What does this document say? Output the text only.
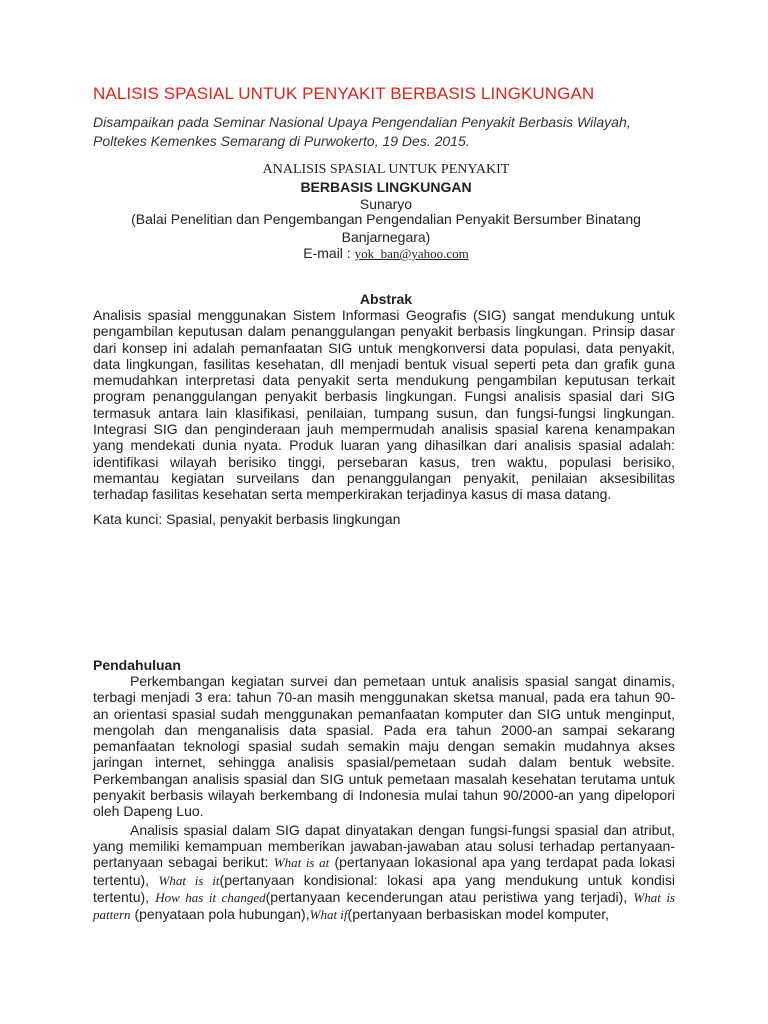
NALISIS SPASIAL UNTUK PENYAKIT BERBASIS LINGKUNGAN
Disampaikan pada Seminar Nasional Upaya Pengendalian Penyakit Berbasis Wilayah,
Poltekes Kemenkes Semarang di Purwokerto, 19 Des. 2015.
ANALISIS SPASIAL UNTUK PENYAKIT
BERBASIS LINGKUNGAN
Sunaryo
(Balai Penelitian dan Pengembangan Pengendalian Penyakit Bersumber Binatang Banjarnegara)
E-mail : yok_ban@yahoo.com
Abstrak
Analisis spasial menggunakan Sistem Informasi Geografis (SIG) sangat mendukung untuk pengambilan keputusan dalam penanggulangan penyakit berbasis lingkungan. Prinsip dasar dari konsep ini adalah pemanfaatan SIG untuk mengkonversi data populasi, data penyakit, data lingkungan, fasilitas kesehatan, dll menjadi bentuk visual seperti peta dan grafik guna memudahkan interpretasi data penyakit serta mendukung pengambilan keputusan terkait program penanggulangan penyakit berbasis lingkungan. Fungsi analisis spasial dari SIG termasuk antara lain klasifikasi, penilaian, tumpang susun, dan fungsi-fungsi lingkungan. Integrasi SIG dan penginderaan jauh mempermudah analisis spasial karena kenampakan yang mendekati dunia nyata. Produk luaran yang dihasilkan dari analisis spasial adalah: identifikasi wilayah berisiko tinggi, persebaran kasus, tren waktu, populasi berisiko, memantau kegiatan surveilans dan penanggulangan penyakit, penilaian aksesibilitas terhadap fasilitas kesehatan serta memperkirakan terjadinya kasus di masa datang.
Kata kunci: Spasial, penyakit berbasis lingkungan
Pendahuluan

Perkembangan kegiatan survei dan pemetaan untuk analisis spasial sangat dinamis, terbagi menjadi 3 era: tahun 70-an masih menggunakan sketsa manual, pada era tahun 90-an orientasi spasial sudah menggunakan pemanfaatan komputer dan SIG untuk menginput, mengolah dan menganalisis data spasial. Pada era tahun 2000-an sampai sekarang pemanfaatan teknologi spasial sudah semakin maju dengan semakin mudahnya akses jaringan internet, sehingga analisis spasial/pemetaan sudah dalam bentuk website. Perkembangan analisis spasial dan SIG untuk pemetaan masalah kesehatan terutama untuk penyakit berbasis wilayah berkembang di Indonesia mulai tahun 90/2000-an yang dipelopori oleh Dapeng Luo.

Analisis spasial dalam SIG dapat dinyatakan dengan fungsi-fungsi spasial dan atribut, yang memiliki kemampuan memberikan jawaban-jawaban atau solusi terhadap pertanyaan-pertanyaan sebagai berikut: What is at (pertanyaan lokasional apa yang terdapat pada lokasi tertentu), What is it(pertanyaan kondisional: lokasi apa yang mendukung untuk kondisi tertentu), How has it changed(pertanyaan kecenderungan atau peristiwa yang terjadi), What is pattern (penyataan pola hubungan),What if(pertanyaan berbasiskan model komputer,
